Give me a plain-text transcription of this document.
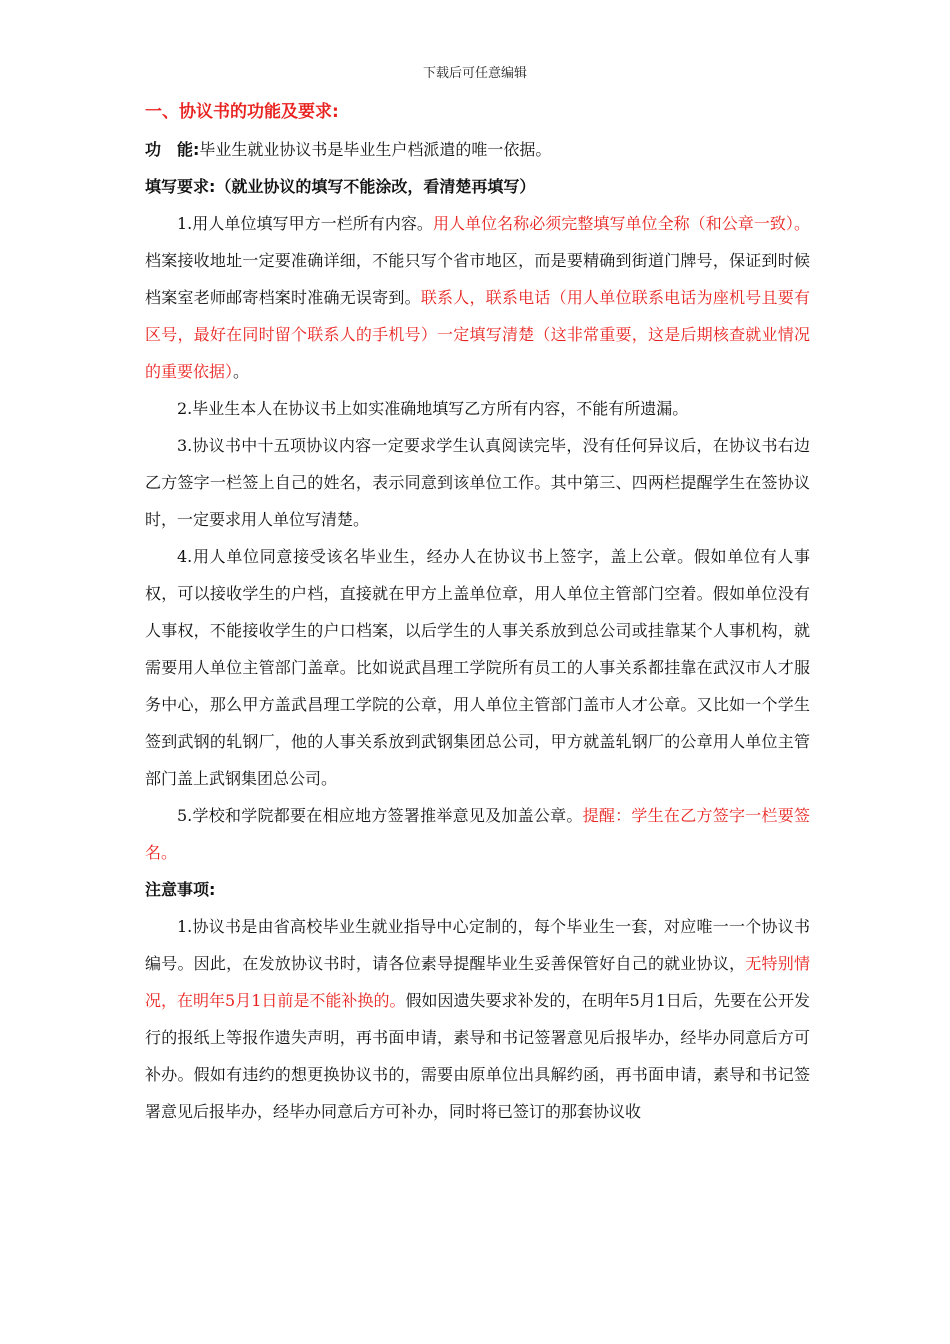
下载后可任意编辑
一、协议书的功能及要求:
功　能:毕业生就业协议书是毕业生户档派遣的唯一依据。
填写要求:（就业协议的填写不能涂改，看清楚再填写）

1.用人单位填写甲方一栏所有内容。用人单位名称必须完整填写单位全称（和公章一致）。档案接收地址一定要准确详细，不能只写个省市地区，而是要精确到街道门牌号，保证到时候档案室老师邮寄档案时准确无误寄到。联系人，联系电话（用人单位联系电话为座机号且要有区号，最好在同时留个联系人的手机号）一定填写清楚（这非常重要，这是后期核查就业情况的重要依据）。

2.毕业生本人在协议书上如实准确地填写乙方所有内容，不能有所遗漏。

3.协议书中十五项协议内容一定要求学生认真阅读完毕，没有任何异议后，在协议书右边乙方签字一栏签上自己的姓名，表示同意到该单位工作。其中第三、四两栏提醒学生在签协议时，一定要求用人单位写清楚。

4.用人单位同意接受该名毕业生，经办人在协议书上签字，盖上公章。假如单位有人事权，可以接收学生的户档，直接就在甲方上盖单位章，用人单位主管部门空着。假如单位没有人事权，不能接收学生的户口档案，以后学生的人事关系放到总公司或挂靠某个人事机构，就需要用人单位主管部门盖章。比如说武昌理工学院所有员工的人事关系都挂靠在武汉市人才服务中心，那么甲方盖武昌理工学院的公章，用人单位主管部门盖市人才公章。又比如一个学生签到武钢的轧钢厂，他的人事关系放到武钢集团总公司，甲方就盖轧钢厂的公章用人单位主管部门盖上武钢集团总公司。

5.学校和学院都要在相应地方签署推举意见及加盖公章。提醒：学生在乙方签字一栏要签名。

注意事项:

1.协议书是由省高校毕业生就业指导中心定制的，每个毕业生一套，对应唯一一个协议书编号。因此，在发放协议书时，请各位素导提醒毕业生妥善保管好自己的就业协议，无特别情况，在明年5月1日前是不能补换的。假如因遗失要求补发的，在明年5月1日后，先要在公开发行的报纸上等报作遗失声明，再书面申请，素导和书记签署意见后报毕办，经毕办同意后方可补办。假如有违约的想更换协议书的，需要由原单位出具解约函，再书面申请，素导和书记签署意见后报毕办，经毕办同意后方可补办，同时将已签订的那套协议收
